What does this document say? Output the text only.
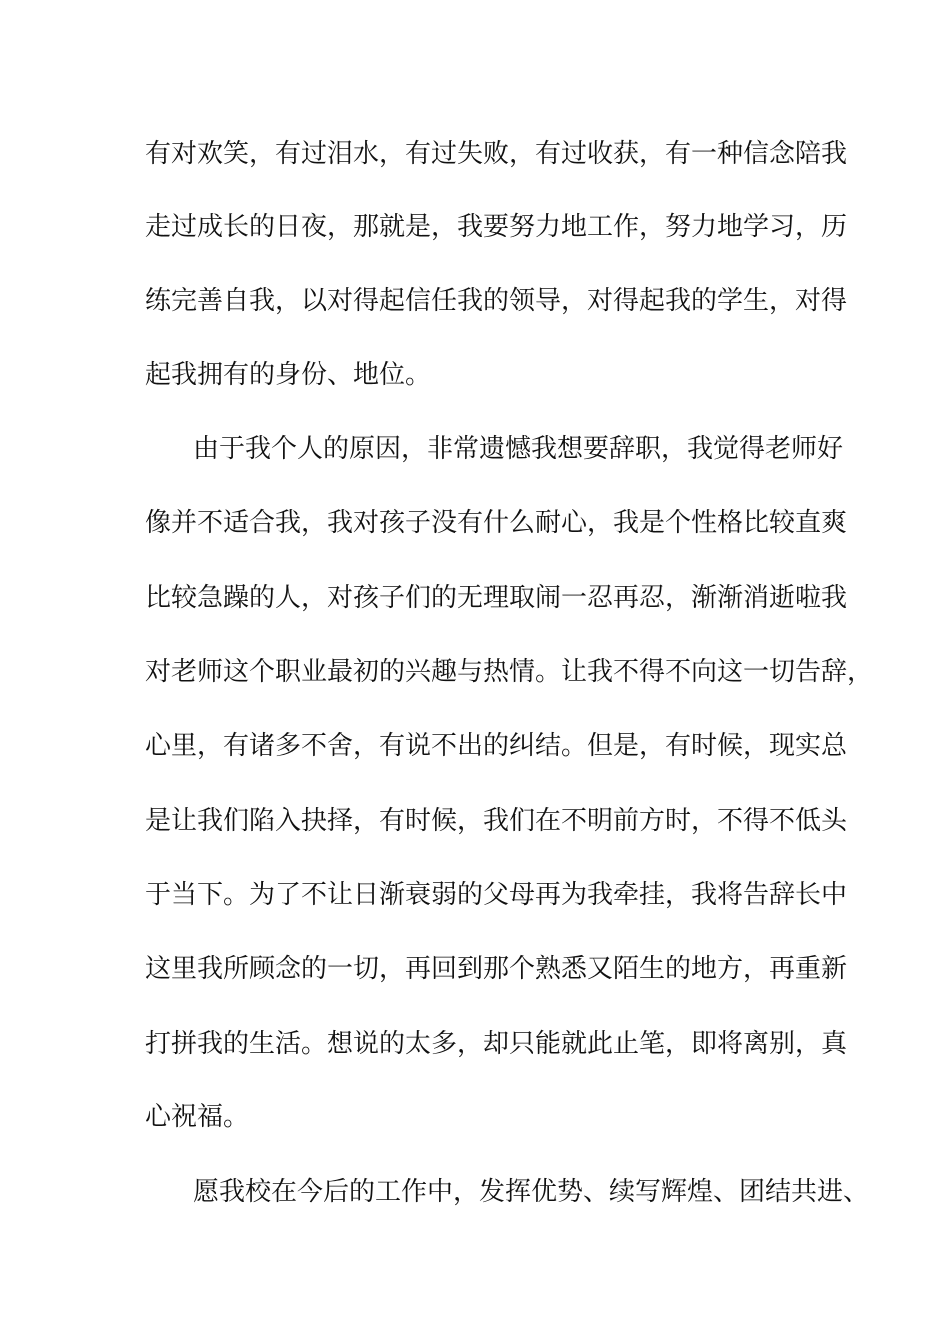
有对欢笑，有过泪水，有过失败，有过收获，有一种信念陪我
走过成长的日夜，那就是，我要努力地工作，努力地学习，历
练完善自我，以对得起信任我的领导，对得起我的学生，对得
起我拥有的身份、地位。
由于我个人的原因，非常遗憾我想要辞职，我觉得老师好
像并不适合我，我对孩子没有什么耐心，我是个性格比较直爽
比较急躁的人，对孩子们的无理取闹一忍再忍，渐渐消逝啦我
对老师这个职业最初的兴趣与热情。让我不得不向这一切告辞，
心里，有诸多不舍，有说不出的纠结。但是，有时候，现实总
是让我们陷入抉择，有时候，我们在不明前方时，不得不低头
于当下。为了不让日渐衰弱的父母再为我牵挂，我将告辞长中
这里我所顾念的一切，再回到那个熟悉又陌生的地方，再重新
打拼我的生活。想说的太多，却只能就此止笔，即将离别，真
心祝福。
愿我校在今后的工作中，发挥优势、续写辉煌、团结共进、
